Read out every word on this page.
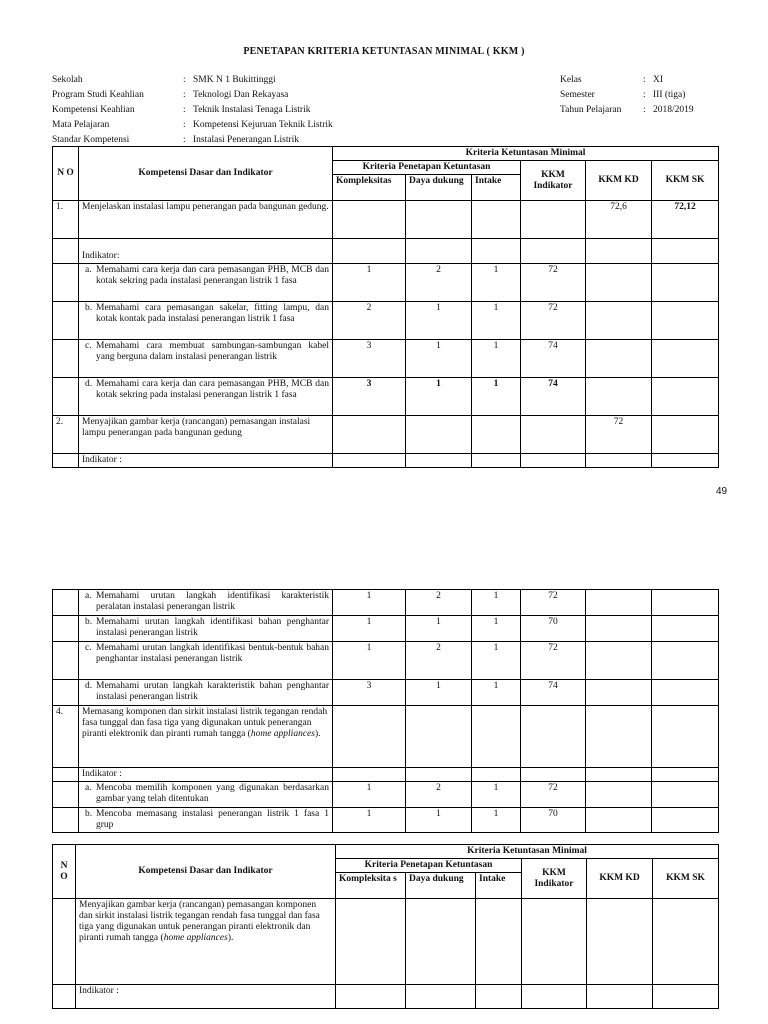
PENETAPAN KRITERIA KETUNTASAN MINIMAL ( KKM )
Sekolah	: SMK N 1 Bukittinggi
Program Studi Keahlian	: Teknologi Dan Rekayasa
Kompetensi Keahlian	: Teknik Instalasi Tenaga Listrik
Mata Pelajaran	: Kompetensi Kejuruan Teknik Listrik
Standar Kompetensi	: Instalasi Penerangan Listrik
Kelas	: XI
Semester	: III (tiga)
Tahun Pelajaran	: 2018/2019
N O	Kompetensi Dasar dan Indikator	Kriteria Ketuntasan Minimal					
		Kriteria Penetapan Ketuntasan			KKM Indikator	KKM KD	KKM SK
		Kompleksitas	Daya dukung	Intake			
1.	Menjelaskan instalasi lampu penerangan pada bangunan gedung.					72,6	72,12
	Indikator:						

	a. Memahami cara kerja dan cara pemasangan PHB, MCB dan kotak sekring pada instalasi penerangan listrik 1 fasa	1	2	1	72		

	b. Memahami cara pemasangan sakelar, fitting lampu, dan kotak kontak pada instalasi penerangan listrik 1 fasa	2	1	1	72		

	c. Memahami cara membuat sambungan-sambungan kabel yang berguna dalam instalasi penerangan listrik	3	1	1	74		

	d. Memahami cara kerja dan cara pemasangan PHB, MCB dan kotak sekring pada instalasi penerangan listrik 1 fasa	3	1	1	74		
2.	Menyajikan gambar kerja (rancangan) pemasangan instalasi lampu penerangan pada bangunan gedung					72	
	Indikator :						
49

	a. Memahami urutan langkah identifikasi karakteristik peralatan instalasi penerangan listrik	1	2	1	72		

	b. Memahami urutan langkah identifikasi bahan penghantar instalasi penerangan listrik	1	1	1	70		

	c. Memahami urutan langkah identifikasi bentuk-bentuk bahan penghantar instalasi penerangan listrik	1	2	1	72		

	d. Memahami urutan langkah karakteristik bahan penghantar instalasi penerangan listrik	3	1	1	74		
4.	Memasang komponen dan sirkit instalasi listrik tegangan rendah fasa tunggal dan fasa tiga yang digunakan untuk penerangan piranti elektronik dan piranti rumah tangga (home appliances).						
	Indikator :						

	a. Mencoba memilih komponen yang digunakan berdasarkan gambar yang telah ditentukan	1	2	1	72		

	b. Mencoba memasang instalasi penerangan listrik 1 fasa 1 grup	1	1	1	70		
N O	Kompetensi Dasar dan Indikator	Kriteria Ketuntasan Minimal					
		Kriteria Penetapan Ketuntasan			KKM Indikator	KKM KD	KKM SK
		Kompleksita s	Daya dukung	Intake			
	Menyajikan gambar kerja (rancangan) pemasangan komponen dan sirkit instalasi listrik tegangan rendah fasa tunggal dan fasa tiga yang digunakan untuk penerangan piranti elektronik dan piranti rumah tangga (home appliances).						
	Indikator :						
